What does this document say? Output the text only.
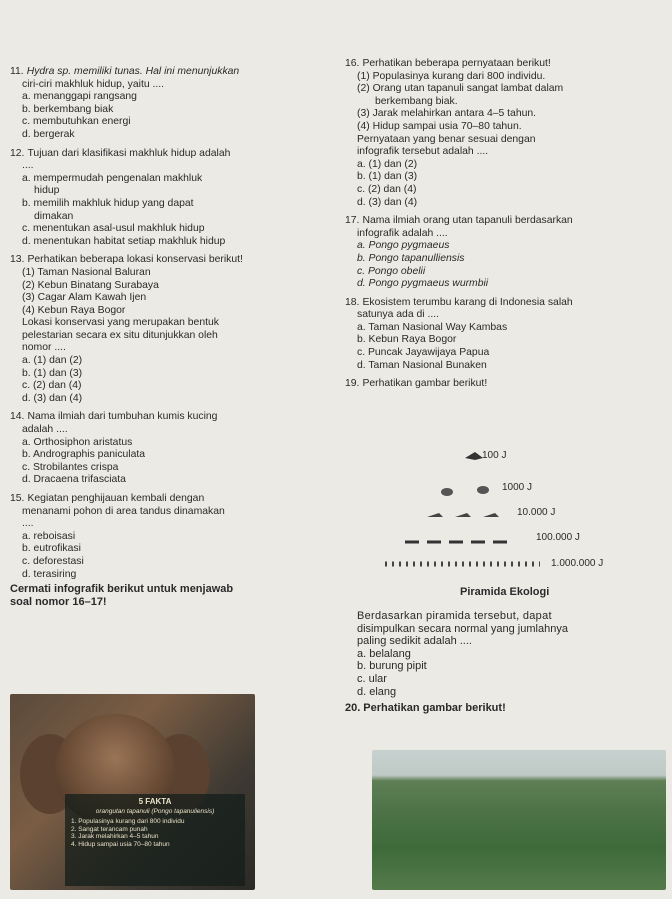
11. Hydra sp. memiliki tunas. Hal ini menunjukkan
ciri-ciri makhluk hidup, yaitu ....
a. menanggapi rangsang
b. berkembang biak
c. membutuhkan energi
d. bergerak
12. Tujuan dari klasifikasi makhluk hidup adalah
....
a. mempermudah pengenalan makhluk
hidup
b. memilih makhluk hidup yang dapat
dimakan
c. menentukan asal-usul makhluk hidup
d. menentukan habitat setiap makhluk hidup
13. Perhatikan beberapa lokasi konservasi berikut!
(1) Taman Nasional Baluran
(2) Kebun Binatang Surabaya
(3) Cagar Alam Kawah Ijen
(4) Kebun Raya Bogor
Lokasi konservasi yang merupakan bentuk
pelestarian secara ex situ ditunjukkan oleh
nomor ....
a. (1) dan (2)
b. (1) dan (3)
c. (2) dan (4)
d. (3) dan (4)
14. Nama ilmiah dari tumbuhan kumis kucing
adalah ....
a. Orthosiphon aristatus
b. Andrographis paniculata
c. Strobilantes crispa
d. Dracaena trifasciata
15. Kegiatan penghijauan kembali dengan
menanami pohon di area tandus dinamakan
....
a. reboisasi
b. eutrofikasi
c. deforestasi
d. terasiring
Cermati infografik berikut untuk menjawab
soal nomor 16–17!
5 FAKTA
orangutan tapanuli (Pongo tapanuliensis)
1. Populasinya kurang dari 800 individu
2. Sangat terancam punah
3. Jarak melahirkan 4–5 tahun
4. Hidup sampai usia 70–80 tahun
16. Perhatikan beberapa pernyataan berikut!
(1) Populasinya kurang dari 800 individu.
(2) Orang utan tapanuli sangat lambat dalam
berkembang biak.
(3) Jarak melahirkan antara 4–5 tahun.
(4) Hidup sampai usia 70–80 tahun.
Pernyataan yang benar sesuai dengan
infografik tersebut adalah ....
a. (1) dan (2)
b. (1) dan (3)
c. (2) dan (4)
d. (3) dan (4)
17. Nama ilmiah orang utan tapanuli berdasarkan
infografik adalah ....
a. Pongo pygmaeus
b. Pongo tapanulliensis
c. Pongo obelii
d. Pongo pygmaeus wurmbii
18. Ekosistem terumbu karang di Indonesia salah
satunya ada di ....
a. Taman Nasional Way Kambas
b. Kebun Raya Bogor
c. Puncak Jayawijaya Papua
d. Taman Nasional Bunaken
19. Perhatikan gambar berikut!
100 J
1000 J
10.000 J
100.000 J
1.000.000 J
Piramida Ekologi
Berdasarkan piramida tersebut, dapat
disimpulkan secara normal yang jumlahnya
paling sedikit adalah ....
a. belalang
b. burung pipit
c. ular
d. elang
20. Perhatikan gambar berikut!
